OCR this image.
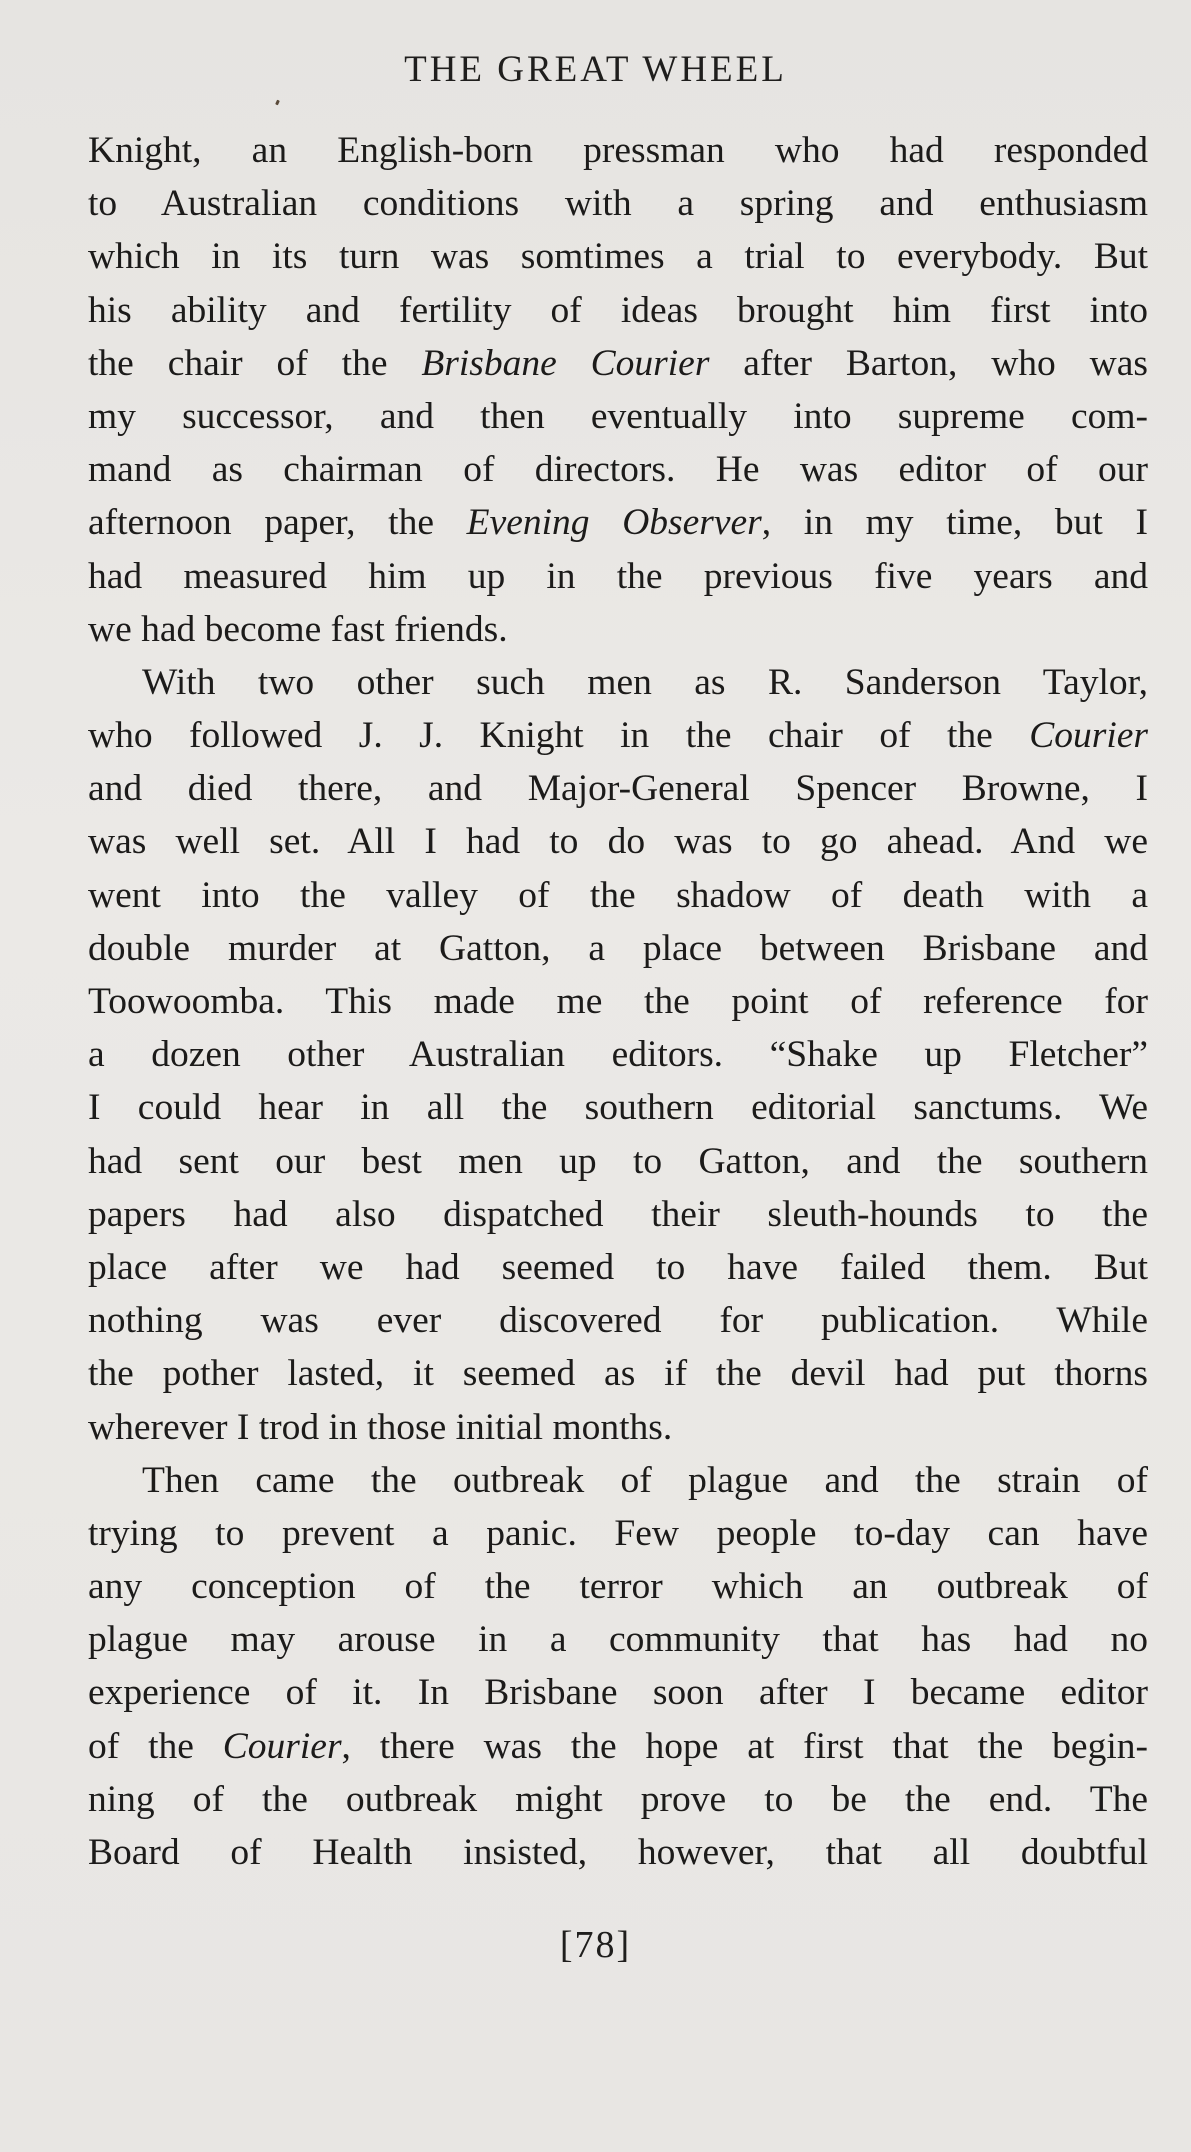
THE GREAT WHEEL
Knight, an English-born pressman who had responded
to Australian conditions with a spring and enthusiasm
which in its turn was somtimes a trial to everybody. But
his ability and fertility of ideas brought him first into
the chair of the Brisbane Courier after Barton, who was
my successor, and then eventually into supreme com-
mand as chairman of directors. He was editor of our
afternoon paper, the Evening Observer, in my time, but I
had measured him up in the previous five years and
we had become fast friends.
With two other such men as R. Sanderson Taylor,
who followed J. J. Knight in the chair of the Courier
and died there, and Major-General Spencer Browne, I
was well set. All I had to do was to go ahead. And we
went into the valley of the shadow of death with a
double murder at Gatton, a place between Brisbane and
Toowoomba. This made me the point of reference for
a dozen other Australian editors. “Shake up Fletcher”
I could hear in all the southern editorial sanctums. We
had sent our best men up to Gatton, and the southern
papers had also dispatched their sleuth-hounds to the
place after we had seemed to have failed them. But
nothing was ever discovered for publication. While
the pother lasted, it seemed as if the devil had put thorns
wherever I trod in those initial months.
Then came the outbreak of plague and the strain of
trying to prevent a panic. Few people to-day can have
any conception of the terror which an outbreak of
plague may arouse in a community that has had no
experience of it. In Brisbane soon after I became editor
of the Courier, there was the hope at first that the begin-
ning of the outbreak might prove to be the end. The
Board of Health insisted, however, that all doubtful
[78]
